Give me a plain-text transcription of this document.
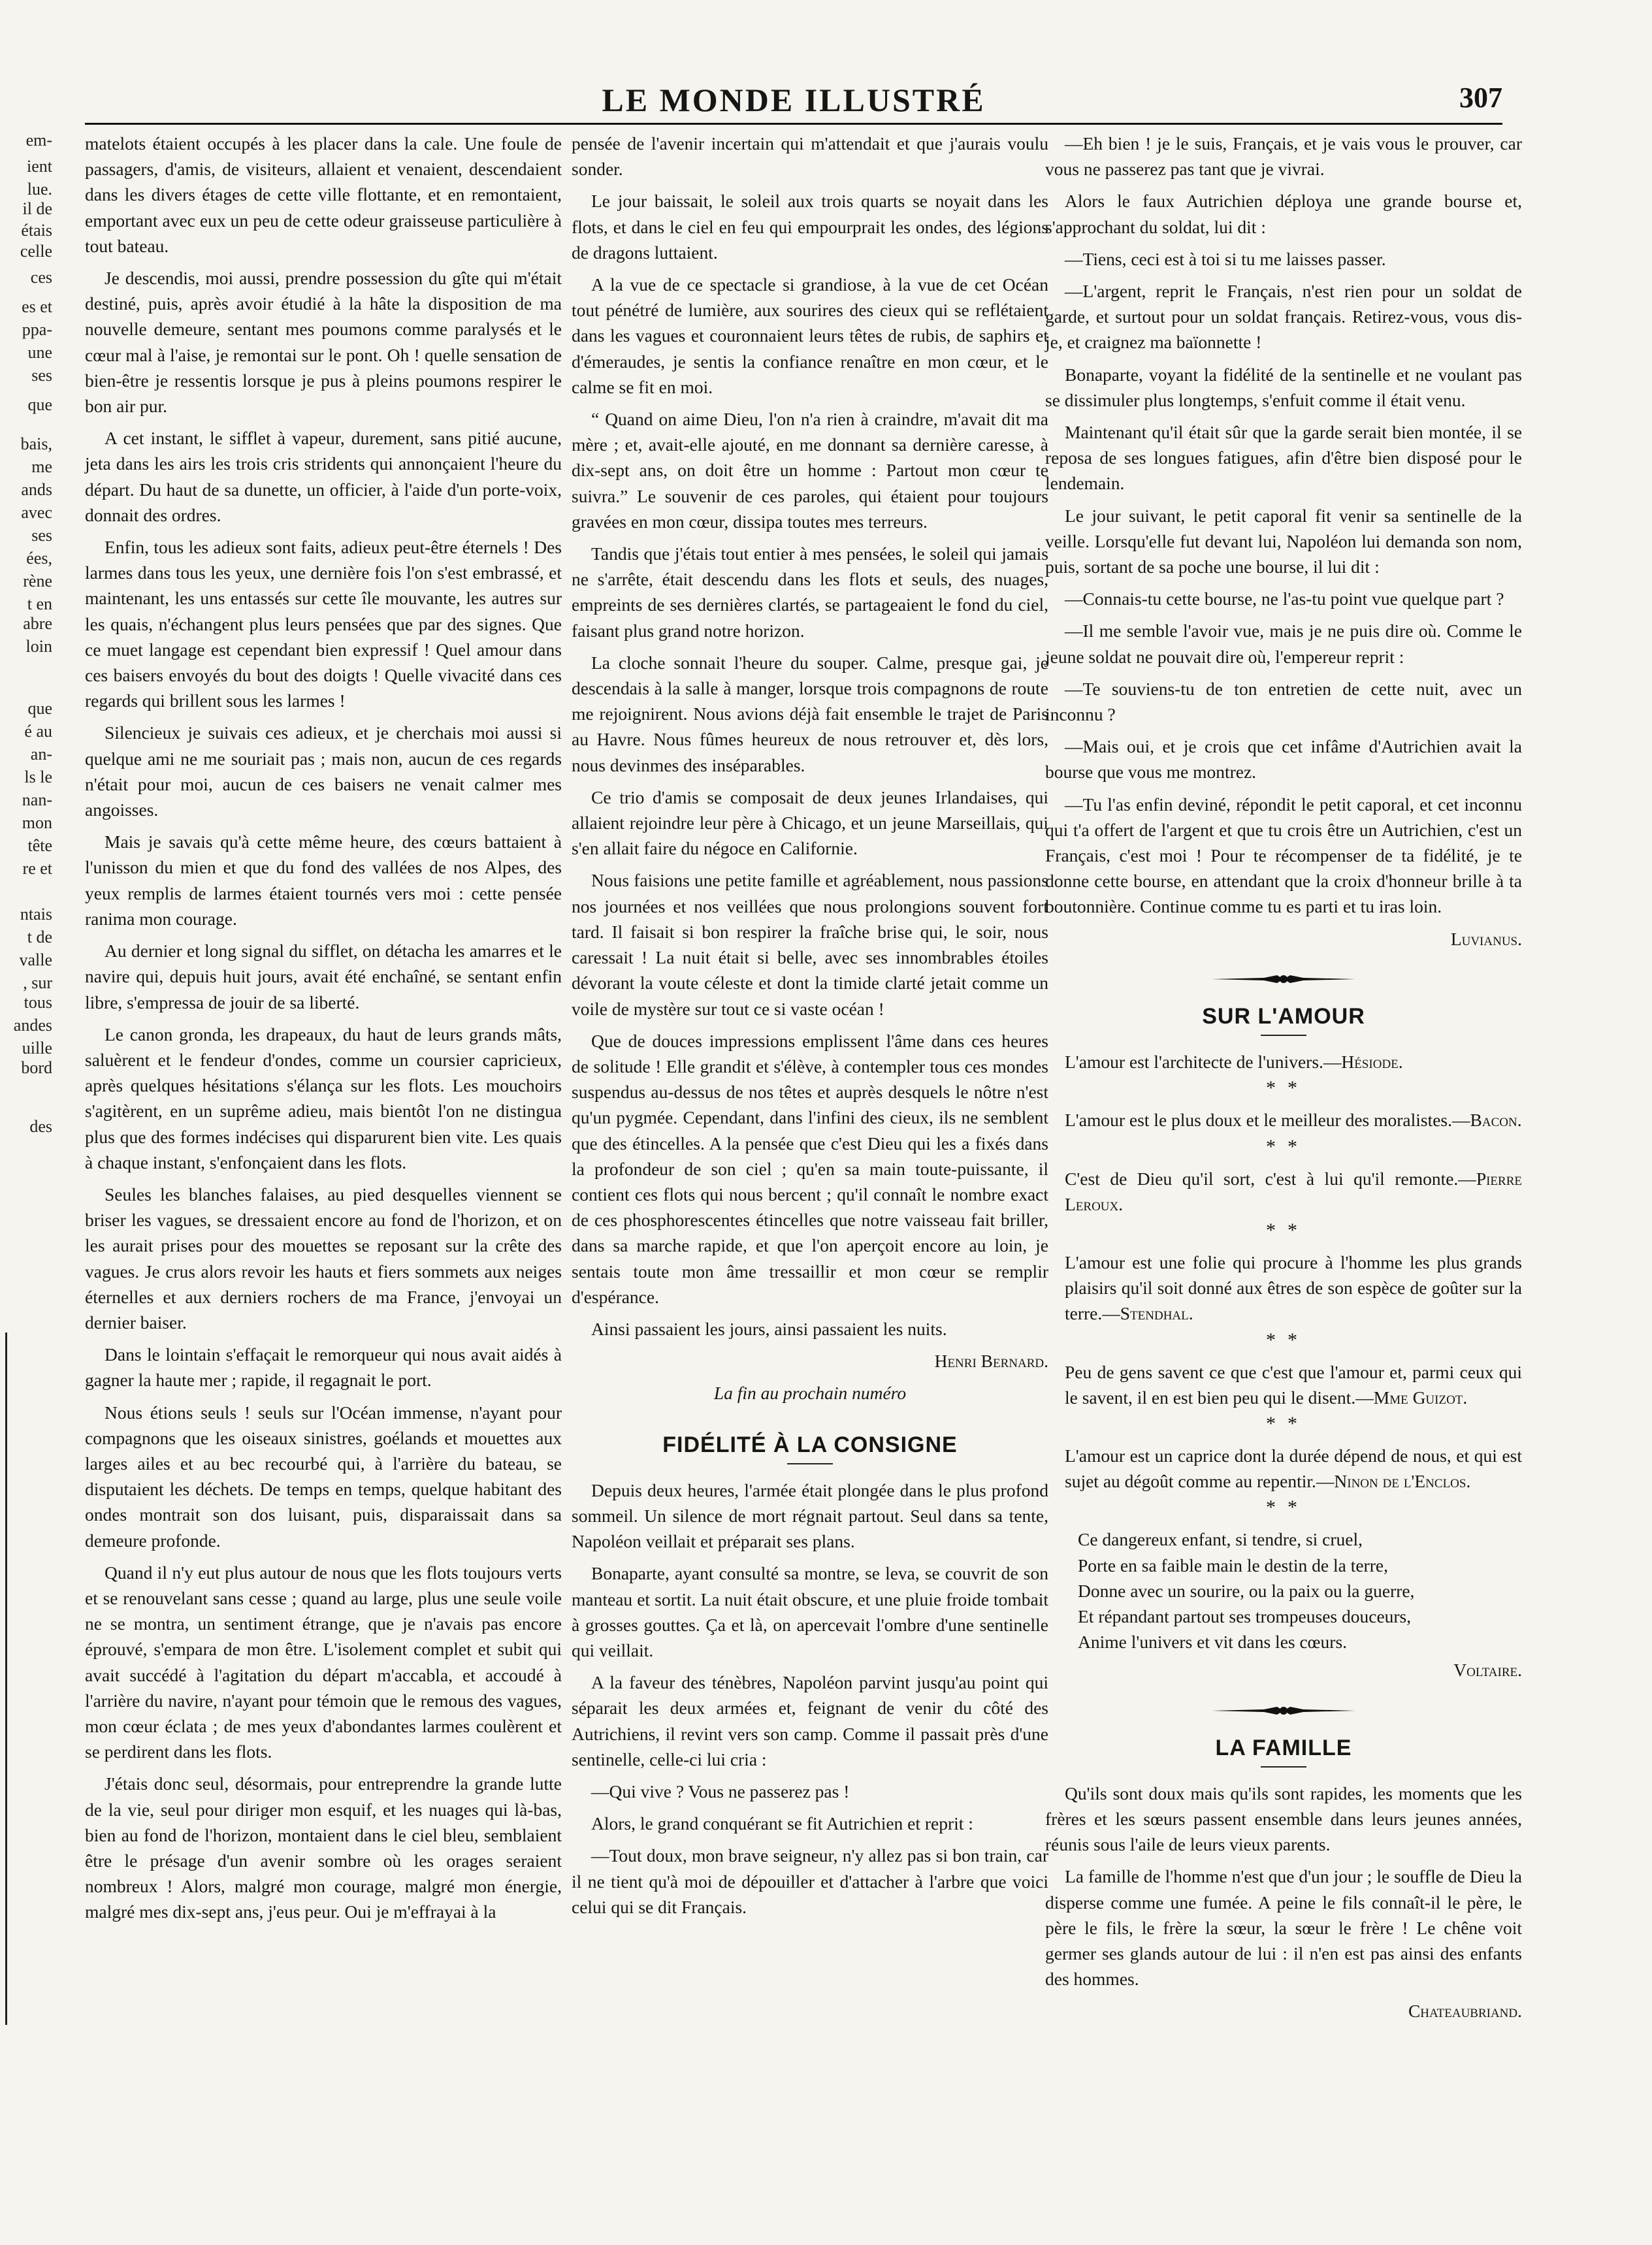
em-
ient
lue.
il de
étais
celle
ces
es et
ppa-
une
ses
que
bais,
me
ands
avec
ses
ées,
rène
t en
abre
loin
que
é au
an-
ls le
nan-
mon
tête
re et
ntais
t de
valle
, sur
tous
andes
uille
bord
des
LE MONDE ILLUSTRÉ	307

matelots étaient occupés à les placer dans la cale. Une foule de passagers, d'amis, de visiteurs, allaient et venaient, descendaient dans les divers étages de cette ville flottante, et en remontaient, emportant avec eux un peu de cette odeur graisseuse particulière à tout bateau.

Je descendis, moi aussi, prendre possession du gîte qui m'était destiné, puis, après avoir étudié à la hâte la disposition de ma nouvelle demeure, sentant mes poumons comme paralysés et le cœur mal à l'aise, je remontai sur le pont. Oh ! quelle sensation de bien-être je ressentis lorsque je pus à pleins poumons respirer le bon air pur.

A cet instant, le sifflet à vapeur, durement, sans pitié aucune, jeta dans les airs les trois cris stridents qui annonçaient l'heure du départ. Du haut de sa dunette, un officier, à l'aide d'un porte-voix, donnait des ordres.

Enfin, tous les adieux sont faits, adieux peut-être éternels ! Des larmes dans tous les yeux, une dernière fois l'on s'est embrassé, et maintenant, les uns entassés sur cette île mouvante, les autres sur les quais, n'échangent plus leurs pensées que par des signes. Que ce muet langage est cependant bien expressif ! Quel amour dans ces baisers envoyés du bout des doigts ! Quelle vivacité dans ces regards qui brillent sous les larmes !

Silencieux je suivais ces adieux, et je cherchais moi aussi si quelque ami ne me souriait pas ; mais non, aucun de ces regards n'était pour moi, aucun de ces baisers ne venait calmer mes angoisses.

Mais je savais qu'à cette même heure, des cœurs battaient à l'unisson du mien et que du fond des vallées de nos Alpes, des yeux remplis de larmes étaient tournés vers moi : cette pensée ranima mon courage.

Au dernier et long signal du sifflet, on détacha les amarres et le navire qui, depuis huit jours, avait été enchaîné, se sentant enfin libre, s'empressa de jouir de sa liberté.

Le canon gronda, les drapeaux, du haut de leurs grands mâts, saluèrent et le fendeur d'ondes, comme un coursier capricieux, après quelques hésitations s'élança sur les flots. Les mouchoirs s'agitèrent, en un suprême adieu, mais bientôt l'on ne distingua plus que des formes indécises qui disparurent bien vite. Les quais à chaque instant, s'enfonçaient dans les flots.

Seules les blanches falaises, au pied desquelles viennent se briser les vagues, se dressaient encore au fond de l'horizon, et on les aurait prises pour des mouettes se reposant sur la crête des vagues. Je crus alors revoir les hauts et fiers sommets aux neiges éternelles et aux derniers rochers de ma France, j'envoyai un dernier baiser.

Dans le lointain s'effaçait le remorqueur qui nous avait aidés à gagner la haute mer ; rapide, il regagnait le port.

Nous étions seuls ! seuls sur l'Océan immense, n'ayant pour compagnons que les oiseaux sinistres, goélands et mouettes aux larges ailes et au bec recourbé qui, à l'arrière du bateau, se disputaient les déchets. De temps en temps, quelque habitant des ondes montrait son dos luisant, puis, disparaissait dans sa demeure profonde.

Quand il n'y eut plus autour de nous que les flots toujours verts et se renouvelant sans cesse ; quand au large, plus une seule voile ne se montra, un sentiment étrange, que je n'avais pas encore éprouvé, s'empara de mon être. L'isolement complet et subit qui avait succédé à l'agitation du départ m'accabla, et accoudé à l'arrière du navire, n'ayant pour témoin que le remous des vagues, mon cœur éclata ; de mes yeux d'abondantes larmes coulèrent et se perdirent dans les flots.

J'étais donc seul, désormais, pour entreprendre la grande lutte de la vie, seul pour diriger mon esquif, et les nuages qui là-bas, bien au fond de l'horizon, montaient dans le ciel bleu, semblaient être le présage d'un avenir sombre où les orages seraient nombreux ! Alors, malgré mon courage, malgré mon énergie, malgré mes dix-sept ans, j'eus peur. Oui je m'effrayai à la

pensée de l'avenir incertain qui m'attendait et que j'aurais voulu sonder.

Le jour baissait, le soleil aux trois quarts se noyait dans les flots, et dans le ciel en feu qui empourprait les ondes, des légions de dragons luttaient.

A la vue de ce spectacle si grandiose, à la vue de cet Océan tout pénétré de lumière, aux sourires des cieux qui se reflétaient dans les vagues et couronnaient leurs têtes de rubis, de saphirs et d'émeraudes, je sentis la confiance renaître en mon cœur, et le calme se fit en moi.

“ Quand on aime Dieu, l'on n'a rien à craindre, m'avait dit ma mère ; et, avait-elle ajouté, en me donnant sa dernière caresse, à dix-sept ans, on doit être un homme : Partout mon cœur te suivra.” Le souvenir de ces paroles, qui étaient pour toujours gravées en mon cœur, dissipa toutes mes terreurs.

Tandis que j'étais tout entier à mes pensées, le soleil qui jamais ne s'arrête, était descendu dans les flots et seuls, des nuages, empreints de ses dernières clartés, se partageaient le fond du ciel, faisant plus grand notre horizon.

La cloche sonnait l'heure du souper. Calme, presque gai, je descendais à la salle à manger, lorsque trois compagnons de route me rejoignirent. Nous avions déjà fait ensemble le trajet de Paris au Havre. Nous fûmes heureux de nous retrouver et, dès lors, nous devinmes des inséparables.

Ce trio d'amis se composait de deux jeunes Irlandaises, qui allaient rejoindre leur père à Chicago, et un jeune Marseillais, qui s'en allait faire du négoce en Californie.

Nous faisions une petite famille et agréablement, nous passions nos journées et nos veillées que nous prolongions souvent fort tard. Il faisait si bon respirer la fraîche brise qui, le soir, nous caressait ! La nuit était si belle, avec ses innombrables étoiles dévorant la voute céleste et dont la timide clarté jetait comme un voile de mystère sur tout ce si vaste océan !

Que de douces impressions emplissent l'âme dans ces heures de solitude ! Elle grandit et s'élève, à contempler tous ces mondes suspendus au-dessus de nos têtes et auprès desquels le nôtre n'est qu'un pygmée. Cependant, dans l'infini des cieux, ils ne semblent que des étincelles. A la pensée que c'est Dieu qui les a fixés dans la profondeur de son ciel ; qu'en sa main toute-puissante, il contient ces flots qui nous bercent ; qu'il connaît le nombre exact de ces phosphorescentes étincelles que notre vaisseau fait briller, dans sa marche rapide, et que l'on aperçoit encore au loin, je sentais toute mon âme tressaillir et mon cœur se remplir d'espérance.

Ainsi passaient les jours, ainsi passaient les nuits.

Henri Bernard.
La fin au prochain numéro
FIDÉLITÉ À LA CONSIGNE

Depuis deux heures, l'armée était plongée dans le plus profond sommeil. Un silence de mort régnait partout. Seul dans sa tente, Napoléon veillait et préparait ses plans.

Bonaparte, ayant consulté sa montre, se leva, se couvrit de son manteau et sortit. La nuit était obscure, et une pluie froide tombait à grosses gouttes. Ça et là, on apercevait l'ombre d'une sentinelle qui veillait.

A la faveur des ténèbres, Napoléon parvint jusqu'au point qui séparait les deux armées et, feignant de venir du côté des Autrichiens, il revint vers son camp. Comme il passait près d'une sentinelle, celle-ci lui cria :

—Qui vive ? Vous ne passerez pas !

Alors, le grand conquérant se fit Autrichien et reprit :

—Tout doux, mon brave seigneur, n'y allez pas si bon train, car il ne tient qu'à moi de dépouiller et d'attacher à l'arbre que voici celui qui se dit Français.

—Eh bien ! je le suis, Français, et je vais vous le prouver, car vous ne passerez pas tant que je vivrai.

Alors le faux Autrichien déploya une grande bourse et, s'approchant du soldat, lui dit :

—Tiens, ceci est à toi si tu me laisses passer.

—L'argent, reprit le Français, n'est rien pour un soldat de garde, et surtout pour un soldat français. Retirez-vous, vous dis-je, et craignez ma baïonnette !

Bonaparte, voyant la fidélité de la sentinelle et ne voulant pas se dissimuler plus longtemps, s'enfuit comme il était venu.

Maintenant qu'il était sûr que la garde serait bien montée, il se reposa de ses longues fatigues, afin d'être bien disposé pour le lendemain.

Le jour suivant, le petit caporal fit venir sa sentinelle de la veille. Lorsqu'elle fut devant lui, Napoléon lui demanda son nom, puis, sortant de sa poche une bourse, il lui dit :

—Connais-tu cette bourse, ne l'as-tu point vue quelque part ?

—Il me semble l'avoir vue, mais je ne puis dire où. Comme le jeune soldat ne pouvait dire où, l'empereur reprit :

—Te souviens-tu de ton entretien de cette nuit, avec un inconnu ?

—Mais oui, et je crois que cet infâme d'Autrichien avait la bourse que vous me montrez.

—Tu l'as enfin deviné, répondit le petit caporal, et cet inconnu qui t'a offert de l'argent et que tu crois être un Autrichien, c'est un Français, c'est moi ! Pour te récompenser de ta fidélité, je te donne cette bourse, en attendant que la croix d'honneur brille à ta boutonnière. Continue comme tu es parti et tu iras loin.

Luvianus.
SUR L'AMOUR

L'amour est l'architecte de l'univers.—Hésiode.

* *

L'amour est le plus doux et le meilleur des moralistes.—Bacon.

* *

C'est de Dieu qu'il sort, c'est à lui qu'il remonte.—Pierre Leroux.

* *

L'amour est une folie qui procure à l'homme les plus grands plaisirs qu'il soit donné aux êtres de son espèce de goûter sur la terre.—Stendhal.

* *

Peu de gens savent ce que c'est que l'amour et, parmi ceux qui le savent, il en est bien peu qui le disent.—Mme Guizot.

* *

L'amour est un caprice dont la durée dépend de nous, et qui est sujet au dégoût comme au repentir.—Ninon de l'Enclos.

* *

Ce dangereux enfant, si tendre, si cruel,

Porte en sa faible main le destin de la terre,

Donne avec un sourire, ou la paix ou la guerre,

Et répandant partout ses trompeuses douceurs,

Anime l'univers et vit dans les cœurs.

Voltaire.
LA FAMILLE

Qu'ils sont doux mais qu'ils sont rapides, les moments que les frères et les sœurs passent ensemble dans leurs jeunes années, réunis sous l'aile de leurs vieux parents.

La famille de l'homme n'est que d'un jour ; le souffle de Dieu la disperse comme une fumée. A peine le fils connaît-il le père, le père le fils, le frère la sœur, la sœur le frère ! Le chêne voit germer ses glands autour de lui : il n'en est pas ainsi des enfants des hommes.

Chateaubriand.
